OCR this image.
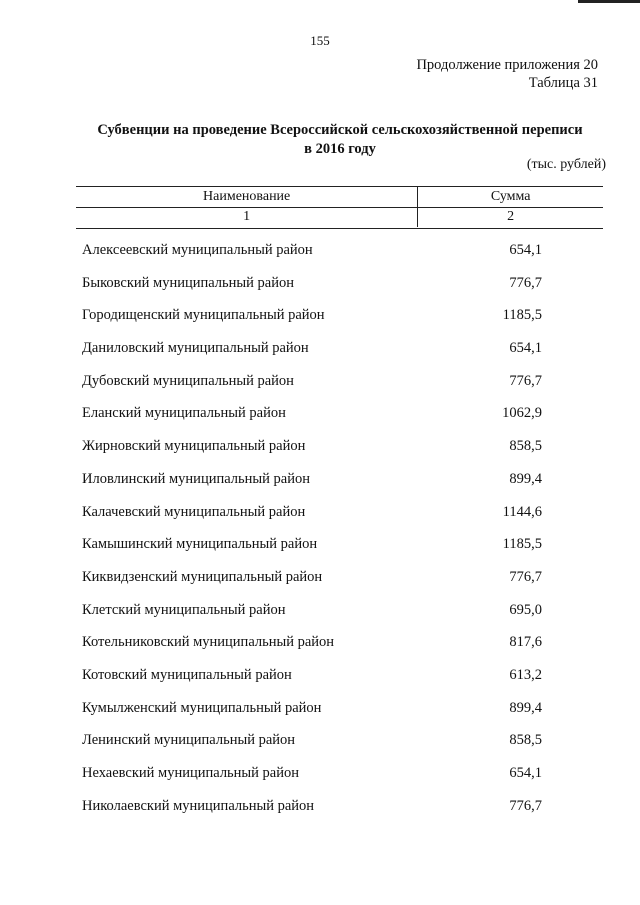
155
Продолжение приложения 20
Таблица 31
Субвенции на проведение Всероссийской сельскохозяйственной переписи
в 2016 году
(тыс. рублей)
Наименование	Сумма
1	2
Алексеевский муниципальный район	654,1
Быковский муниципальный район	776,7
Городищенский муниципальный район	1185,5
Даниловский муниципальный район	654,1
Дубовский муниципальный район	776,7
Еланский муниципальный район	1062,9
Жирновский муниципальный район	858,5
Иловлинский муниципальный район	899,4
Калачевский муниципальный район	1144,6
Камышинский муниципальный район	1185,5
Киквидзенский муниципальный район	776,7
Клетский муниципальный район	695,0
Котельниковский муниципальный район	817,6
Котовский муниципальный район	613,2
Кумылженский муниципальный район	899,4
Ленинский муниципальный район	858,5
Нехаевский муниципальный район	654,1
Николаевский муниципальный район	776,7
